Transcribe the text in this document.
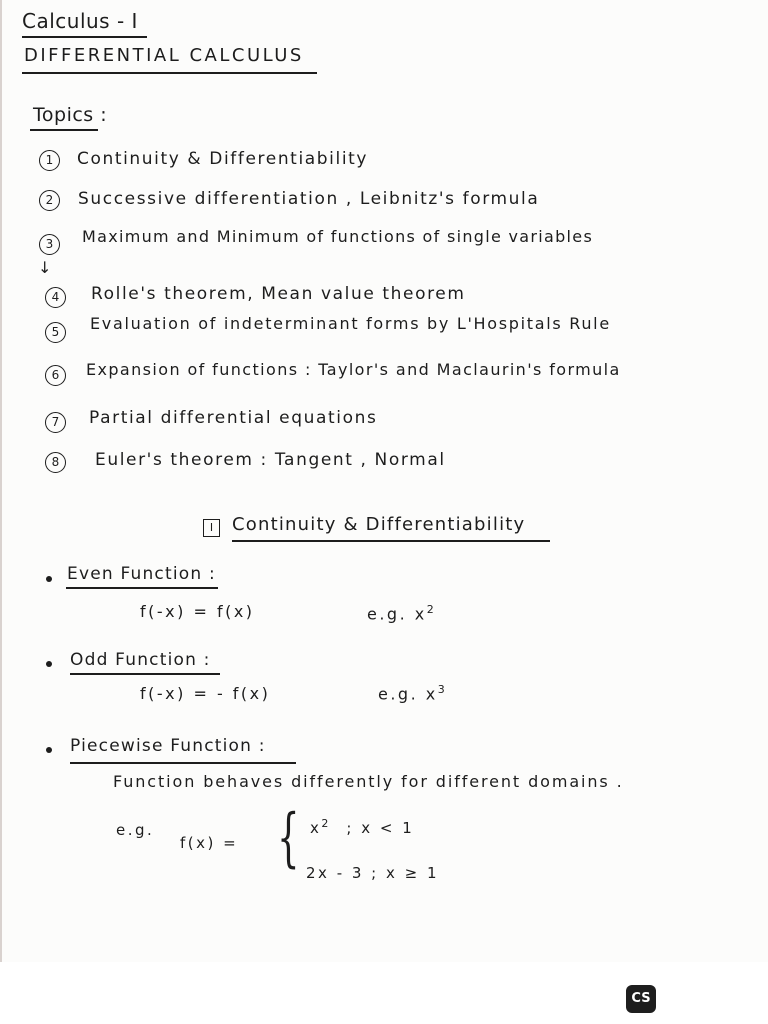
Calculus - I
DIFFERENTIAL CALCULUS
Topics :
1	Continuity & Differentiability
2	Successive differentiation , Leibnitz's formula
3	Maximum and Minimum of functions of single variables
↓
4	Rolle's theorem, Mean value theorem
5	Evaluation of indeterminant forms by L'Hospitals Rule
6	Expansion of functions : Taylor's and Maclaurin's formula
7	Partial differential equations
8	Euler's theorem : Tangent , Normal
I	Continuity & Differentiability
Even Function :
f(-x) = f(x)	e.g. $x^2$
Odd Function :
f(-x) = - f(x)	e.g. $x^3$
Piecewise Function :
Function behaves differently for different domains .
e.g.
f(x) = { $x^2$ ; x < 1
2x - 3 ; x ≥ 1
CS
